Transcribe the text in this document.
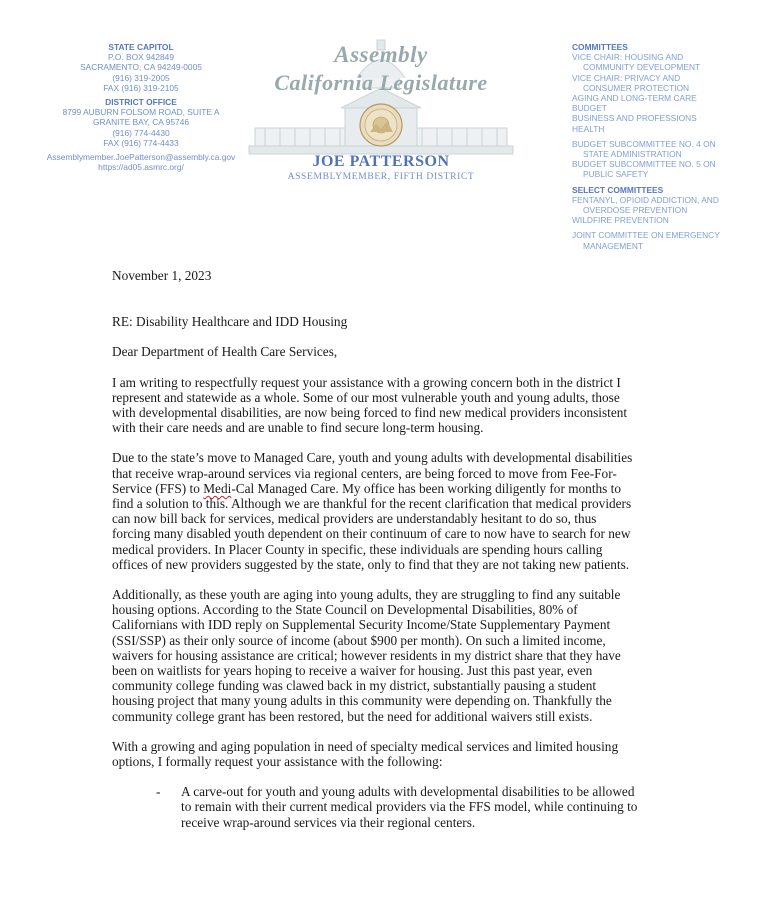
STATE CAPITOL
P.O. BOX 942849
SACRAMENTO, CA 94249-0005
(916) 319-2005
FAX (916) 319-2105
DISTRICT OFFICE
8799 AUBURN FOLSOM ROAD, SUITE A
GRANITE BAY, CA 95746
(916) 774-4430
FAX (916) 774-4433
Assemblymember.JoePatterson@assembly.ca.gov
https://ad05.asmrc.org/
Assembly
California Legislature
JOE PATTERSON
ASSEMBLYMEMBER, FIFTH DISTRICT
COMMITTEES
VICE CHAIR: HOUSING AND
COMMUNITY DEVELOPMENT
VICE CHAIR: PRIVACY AND
CONSUMER PROTECTION
AGING AND LONG-TERM CARE
BUDGET
BUSINESS AND PROFESSIONS
HEALTH
BUDGET SUBCOMMITTEE NO. 4 ON
STATE ADMINISTRATION
BUDGET SUBCOMMITTEE NO. 5 ON
PUBLIC SAFETY
SELECT COMMITTEES
FENTANYL, OPIOID ADDICTION, AND
OVERDOSE PREVENTION
WILDFIRE PREVENTION
JOINT COMMITTEE ON EMERGENCY
MANAGEMENT

November 1, 2023

RE: Disability Healthcare and IDD Housing

Dear Department of Health Care Services,

I am writing to respectfully request your assistance with a growing concern both in the district I
represent and statewide as a whole. Some of our most vulnerable youth and young adults, those
with developmental disabilities, are now being forced to find new medical providers inconsistent
with their care needs and are unable to find secure long-term housing.
Due to the state’s move to Managed Care, youth and young adults with developmental disabilities
that receive wrap-around services via regional centers, are being forced to move from Fee-For-
Service (FFS) to Medi-Cal Managed Care. My office has been working diligently for months to
find a solution to this. Although we are thankful for the recent clarification that medical providers
can now bill back for services, medical providers are understandably hesitant to do so, thus
forcing many disabled youth dependent on their continuum of care to now have to search for new
medical providers. In Placer County in specific, these individuals are spending hours calling
offices of new providers suggested by the state, only to find that they are not taking new patients.
Additionally, as these youth are aging into young adults, they are struggling to find any suitable
housing options. According to the State Council on Developmental Disabilities, 80% of
Californians with IDD reply on Supplemental Security Income/State Supplementary Payment
(SSI/SSP) as their only source of income (about $900 per month). On such a limited income,
waivers for housing assistance are critical; however residents in my district share that they have
been on waitlists for years hoping to receive a waiver for housing. Just this past year, even
community college funding was clawed back in my district, substantially pausing a student
housing project that many young adults in this community were depending on. Thankfully the
community college grant has been restored, but the need for additional waivers still exists.
With a growing and aging population in need of specialty medical services and limited housing
options, I formally request your assistance with the following:
- A carve-out for youth and young adults with developmental disabilities to be allowed
to remain with their current medical providers via the FFS model, while continuing to
receive wrap-around services via their regional centers.
